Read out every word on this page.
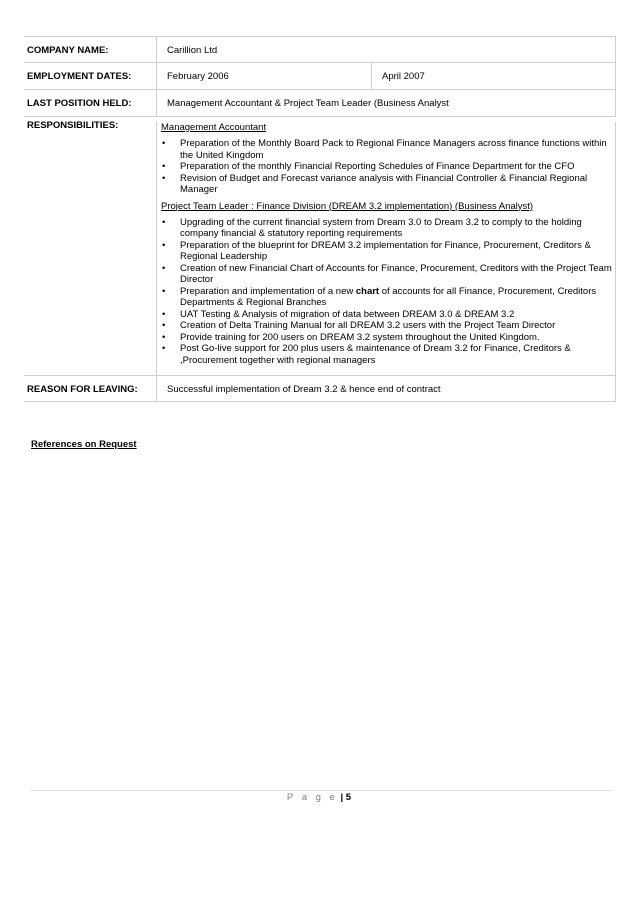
COMPANY NAME:	Carillion Ltd
EMPLOYMENT DATES:	February 2006	April 2007
LAST POSITION HELD:	Management Accountant & Project Team Leader (Business Analyst
RESPONSIBILITIES:	Management Accountant
• Preparation of the Monthly Board Pack to Regional Finance Managers across finance functions within the United Kingdom
• Preparation of the monthly Financial Reporting Schedules of Finance Department for the CFO
• Revision of Budget and Forecast variance analysis with Financial Controller & Financial Regional Manager
Project Team Leader : Finance Division (DREAM 3.2 implementation) (Business Analyst)
• Upgrading of the current financial system from Dream 3.0 to Dream 3.2 to comply to the holding company financial & statutory reporting requirements
• Preparation of the blueprint for DREAM 3.2 implementation for Finance, Procurement, Creditors & Regional Leadership
• Creation of new Financial Chart of Accounts for Finance, Procurement, Creditors with the Project Team Director
• Preparation and implementation of a new chart of accounts for all Finance, Procurement, Creditors Departments & Regional Branches
• UAT Testing & Analysis of migration of data between DREAM 3.0 & DREAM 3.2
• Creation of Delta Training Manual for all DREAM 3.2 users with the Project Team Director
• Provide training for 200 users on DREAM 3.2 system throughout the United Kingdom.
• Post Go-live support for 200 plus users & maintenance of Dream 3.2 for Finance, Creditors & ,Procurement together with regional managers
REASON FOR LEAVING:	Successful implementation of Dream 3.2 & hence end of contract
References on Request
P a g e | 5
